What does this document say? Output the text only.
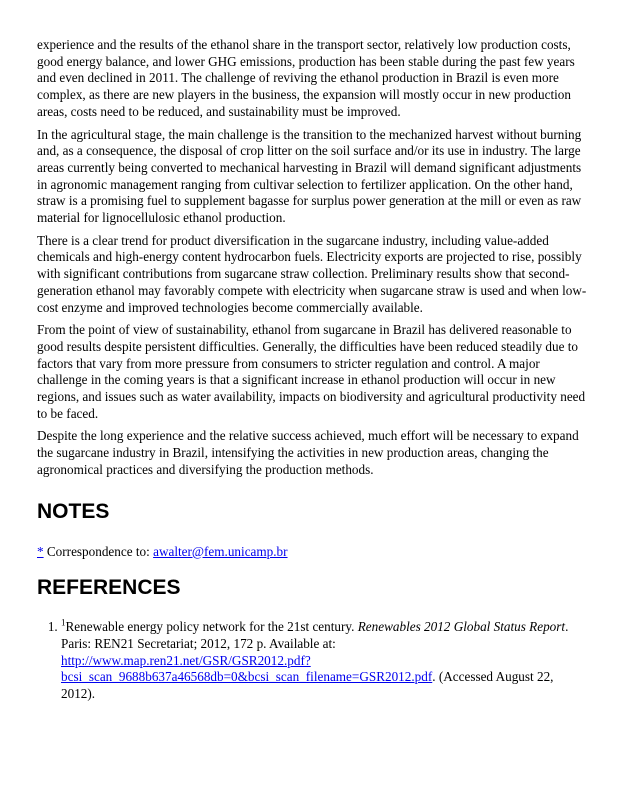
experience and the results of the ethanol share in the transport sector, relatively low production costs, good energy balance, and lower GHG emissions, production has been stable during the past few years and even declined in 2011. The challenge of reviving the ethanol production in Brazil is even more complex, as there are new players in the business, the expansion will mostly occur in new production areas, costs need to be reduced, and sustainability must be improved.

In the agricultural stage, the main challenge is the transition to the mechanized harvest without burning and, as a consequence, the disposal of crop litter on the soil surface and/or its use in industry. The large areas currently being converted to mechanical harvesting in Brazil will demand significant adjustments in agronomic management ranging from cultivar selection to fertilizer application. On the other hand, straw is a promising fuel to supplement bagasse for surplus power generation at the mill or even as raw material for lignocellulosic ethanol production.

There is a clear trend for product diversification in the sugarcane industry, including value-added chemicals and high-energy content hydrocarbon fuels. Electricity exports are projected to rise, possibly with significant contributions from sugarcane straw collection. Preliminary results show that second-generation ethanol may favorably compete with electricity when sugarcane straw is used and when low-cost enzyme and improved technologies become commercially available.

From the point of view of sustainability, ethanol from sugarcane in Brazil has delivered reasonable to good results despite persistent difficulties. Generally, the difficulties have been reduced steadily due to factors that vary from more pressure from consumers to stricter regulation and control. A major challenge in the coming years is that a significant increase in ethanol production will occur in new regions, and issues such as water availability, impacts on biodiversity and agricultural productivity need to be faced.

Despite the long experience and the relative success achieved, much effort will be necessary to expand the sugarcane industry in Brazil, intensifying the activities in new production areas, changing the agronomical practices and diversifying the production methods.

NOTES

* Correspondence to: awalter@fem.unicamp.br

REFERENCES
1. $^1$Renewable energy policy network for the 21st century. Renewables 2012 Global Status Report. Paris: REN21 Secretariat; 2012, 172 p. Available at:
http://www.map.ren21.net/GSR/GSR2012.pdf?
bcsi_scan_9688b637a46568db=0&bcsi_scan_filename=GSR2012.pdf. (Accessed August 22, 2012).
